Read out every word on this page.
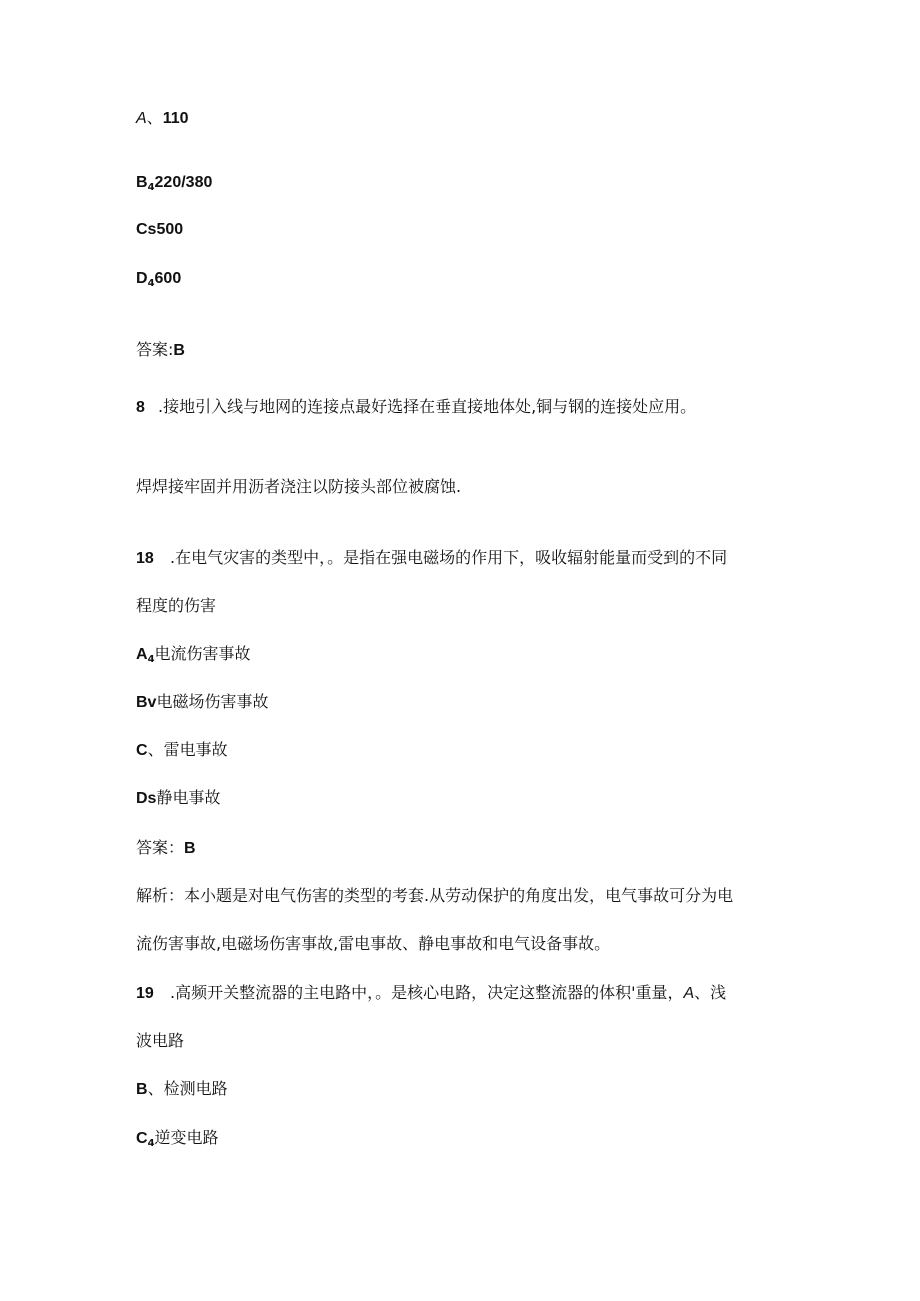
A、110

$B_4220/380$

Cs500

$D_4600$

答案:B

8 .接地引入线与地网的连接点最好选择在垂直接地体处,铜与钢的连接处应用。

焊焊接牢固并用沥者浇注以防接头部位被腐蚀.

18 .在电气灾害的类型中，。是指在强电磁场的作用下，吸收辐射能量而受到的不同

程度的伤害

$A_4$电流伤害事故

Bv电磁场伤害事故

C、雷电事故

Ds静电事故

答案：B

解析：本小题是对电气伤害的类型的考套.从劳动保护的角度出发，电气事故可分为电

流伤害事故,电磁场伤害事故,雷电事故、静电事故和电气设备事故。

19 .高频开关整流器的主电路中，。是核心电路，决定这整流器的体积'重量，A、浅

波电路

B、检测电路

$C_4$逆变电路
